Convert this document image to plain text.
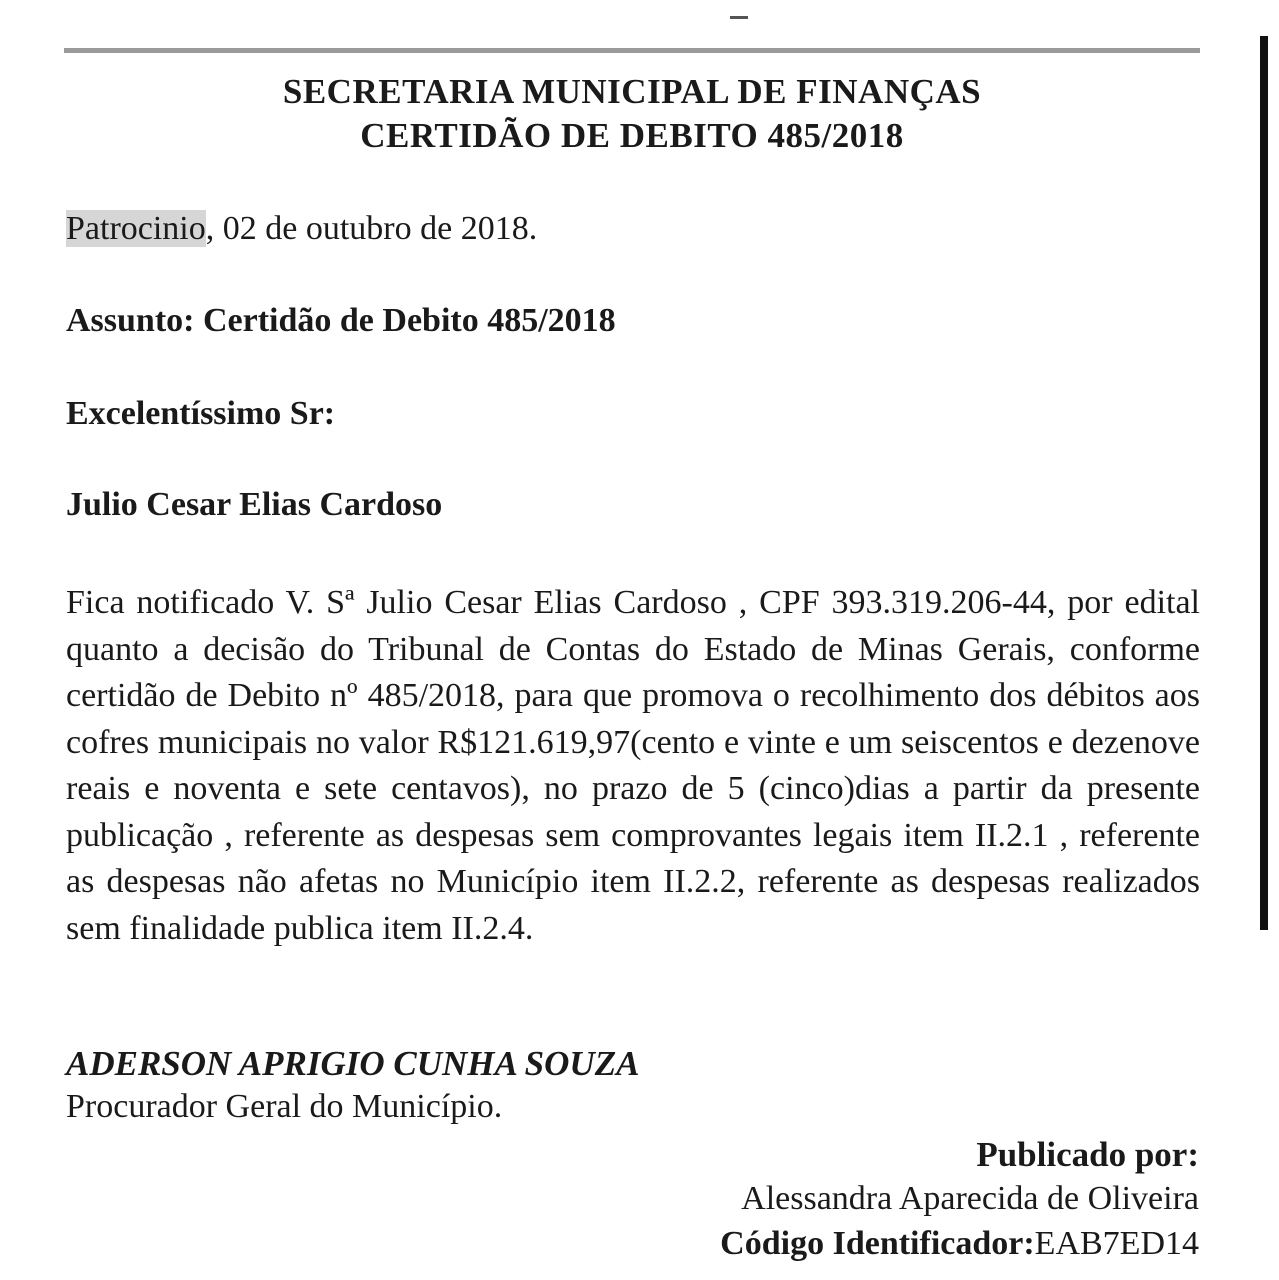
SECRETARIA MUNICIPAL DE FINANÇAS
CERTIDÃO DE DEBITO 485/2018
Patrocinio, 02 de outubro de 2018.
Assunto: Certidão de Debito 485/2018
Excelentíssimo Sr:
Julio Cesar Elias Cardoso
Fica notificado V. Sª Julio Cesar Elias Cardoso , CPF 393.319.206-44, por edital quanto a decisão do Tribunal de Contas do Estado de Minas Gerais, conforme certidão de Debito nº 485/2018, para que promova o recolhimento dos débitos aos cofres municipais no valor R$121.619,97(cento e vinte e um seiscentos e dezenove reais e noventa e sete centavos), no prazo de 5 (cinco)dias a partir da presente publicação , referente as despesas sem comprovantes legais item II.2.1 , referente as despesas não afetas no Município item II.2.2, referente as despesas realizados sem finalidade publica item II.2.4.
ADERSON APRIGIO CUNHA SOUZA
Procurador Geral do Município.
Publicado por:
Alessandra Aparecida de Oliveira
Código Identificador:EAB7ED14
